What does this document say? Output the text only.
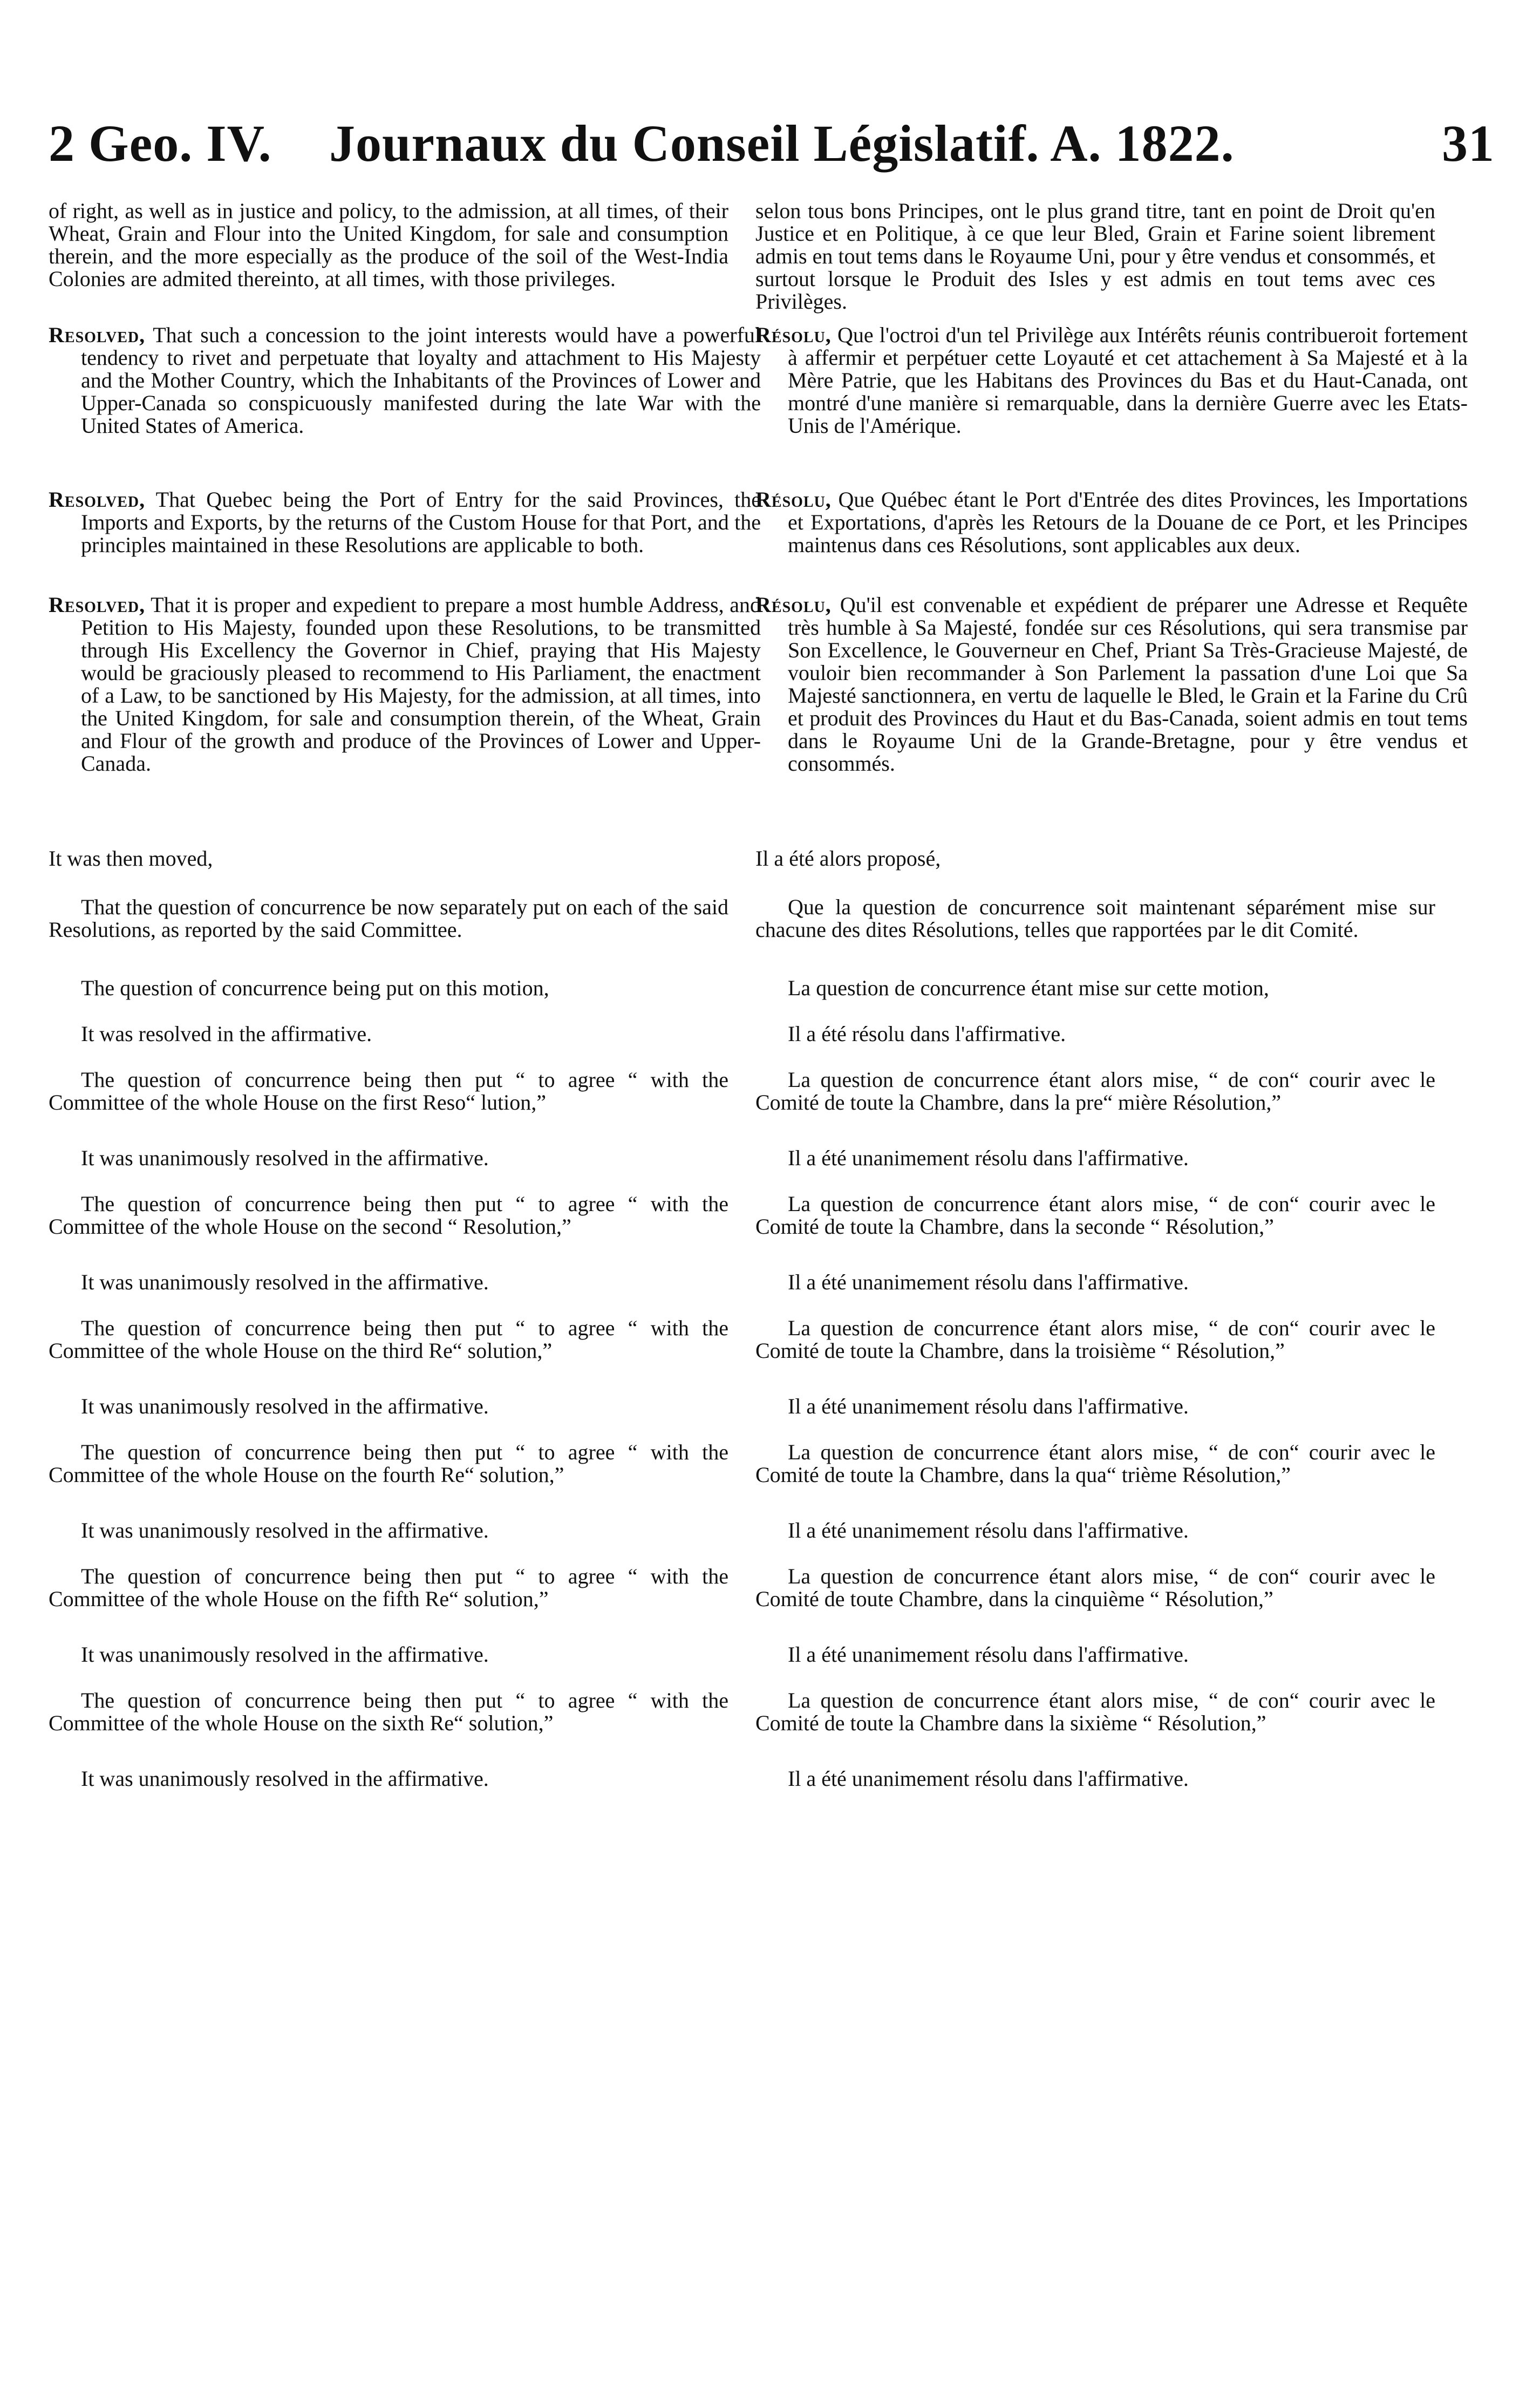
2 Geo. IV. Journaux du Conseil Législatif. A. 1822.	31

of right, as well as in justice and policy, to the admission, at all times, of their Wheat, Grain and Flour into the United Kingdom, for sale and consumption therein, and the more especially as the produce of the soil of the West-India Colonies are admited thereinto, at all times, with those privileges.

Resolved, That such a concession to the joint interests would have a powerful tendency to rivet and perpetuate that loyalty and attachment to His Majesty and the Mother Country, which the Inhabitants of the Provinces of Lower and Upper-Canada so conspicuously manifested during the late War with the United States of America.

Resolved, That Quebec being the Port of Entry for the said Provinces, the Imports and Exports, by the returns of the Custom House for that Port, and the principles maintained in these Resolutions are applicable to both.

Resolved, That it is proper and expedient to prepare a most humble Address, and Petition to His Majesty, founded upon these Resolutions, to be transmitted through His Excellency the Governor in Chief, praying that His Majesty would be graciously pleased to recommend to His Parliament, the enactment of a Law, to be sanctioned by His Majesty, for the admission, at all times, into the United Kingdom, for sale and consumption therein, of the Wheat, Grain and Flour of the growth and produce of the Provinces of Lower and Upper-Canada.

It was then moved,

That the question of concurrence be now separately put on each of the said Resolutions, as reported by the said Committee.

The question of concurrence being put on this motion,

It was resolved in the affirmative.

The question of concurrence being then put “ to agree “ with the Committee of the whole House on the first Reso“ lution,”

It was unanimously resolved in the affirmative.

The question of concurrence being then put “ to agree “ with the Committee of the whole House on the second “ Resolution,”

It was unanimously resolved in the affirmative.

The question of concurrence being then put “ to agree “ with the Committee of the whole House on the third Re“ solution,”

It was unanimously resolved in the affirmative.

The question of concurrence being then put “ to agree “ with the Committee of the whole House on the fourth Re“ solution,”

It was unanimously resolved in the affirmative.

The question of concurrence being then put “ to agree “ with the Committee of the whole House on the fifth Re“ solution,”

It was unanimously resolved in the affirmative.

The question of concurrence being then put “ to agree “ with the Committee of the whole House on the sixth Re“ solution,”

It was unanimously resolved in the affirmative.

selon tous bons Principes, ont le plus grand titre, tant en point de Droit qu'en Justice et en Politique, à ce que leur Bled, Grain et Farine soient librement admis en tout tems dans le Royaume Uni, pour y être vendus et consommés, et surtout lorsque le Produit des Isles y est admis en tout tems avec ces Privilèges.

Résolu, Que l'octroi d'un tel Privilège aux Intérêts réunis contribueroit fortement à affermir et perpétuer cette Loyauté et cet attachement à Sa Majesté et à la Mère Patrie, que les Habitans des Provinces du Bas et du Haut-Canada, ont montré d'une manière si remarquable, dans la dernière Guerre avec les Etats-Unis de l'Amérique.

Résolu, Que Québec étant le Port d'Entrée des dites Provinces, les Importations et Exportations, d'après les Retours de la Douane de ce Port, et les Principes maintenus dans ces Résolutions, sont applicables aux deux.

Résolu, Qu'il est convenable et expédient de préparer une Adresse et Requête très humble à Sa Majesté, fondée sur ces Résolutions, qui sera transmise par Son Excellence, le Gouverneur en Chef, Priant Sa Très-Gracieuse Majesté, de vouloir bien recommander à Son Parlement la passation d'une Loi que Sa Majesté sanctionnera, en vertu de laquelle le Bled, le Grain et la Farine du Crû et produit des Provinces du Haut et du Bas-Canada, soient admis en tout tems dans le Royaume Uni de la Grande-Bretagne, pour y être vendus et consommés.

Il a été alors proposé,

Que la question de concurrence soit maintenant séparément mise sur chacune des dites Résolutions, telles que rapportées par le dit Comité.

La question de concurrence étant mise sur cette motion,

Il a été résolu dans l'affirmative.

La question de concurrence étant alors mise, “ de con“ courir avec le Comité de toute la Chambre, dans la pre“ mière Résolution,”

Il a été unanimement résolu dans l'affirmative.

La question de concurrence étant alors mise, “ de con“ courir avec le Comité de toute la Chambre, dans la seconde “ Résolution,”

Il a été unanimement résolu dans l'affirmative.

La question de concurrence étant alors mise, “ de con“ courir avec le Comité de toute la Chambre, dans la troisième “ Résolution,”

Il a été unanimement résolu dans l'affirmative.

La question de concurrence étant alors mise, “ de con“ courir avec le Comité de toute la Chambre, dans la qua“ trième Résolution,”

Il a été unanimement résolu dans l'affirmative.

La question de concurrence étant alors mise, “ de con“ courir avec le Comité de toute Chambre, dans la cinquième “ Résolution,”

Il a été unanimement résolu dans l'affirmative.

La question de concurrence étant alors mise, “ de con“ courir avec le Comité de toute la Chambre dans la sixième “ Résolution,”

Il a été unanimement résolu dans l'affirmative.
